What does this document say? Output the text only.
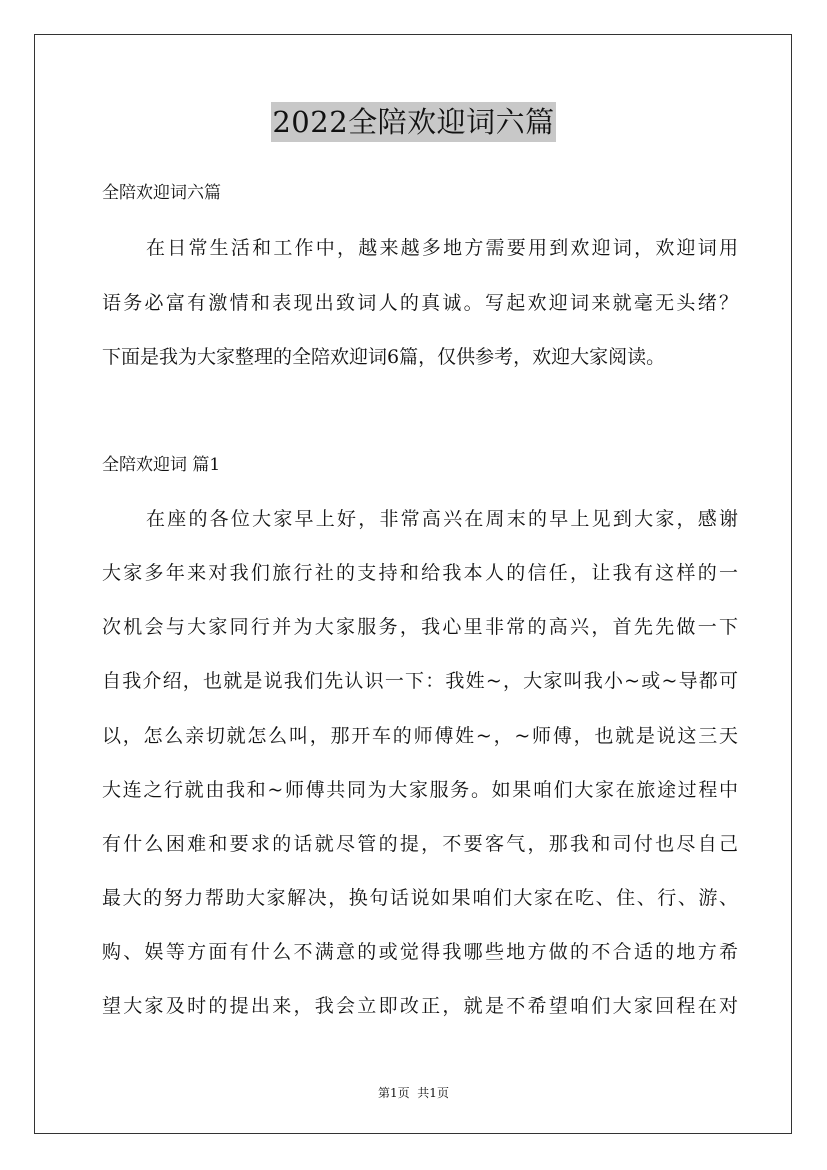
2022全陪欢迎词六篇
全陪欢迎词六篇
在日常生活和工作中，越来越多地方需要用到欢迎词，欢迎词用
语务必富有激情和表现出致词人的真诚。写起欢迎词来就毫无头绪？
下面是我为大家整理的全陪欢迎词6篇，仅供参考，欢迎大家阅读。
全陪欢迎词 篇1
在座的各位大家早上好，非常高兴在周末的早上见到大家，感谢
大家多年来对我们旅行社的支持和给我本人的信任，让我有这样的一
次机会与大家同行并为大家服务，我心里非常的高兴，首先先做一下
自我介绍，也就是说我们先认识一下：我姓~，大家叫我小~或~导都可
以，怎么亲切就怎么叫，那开车的师傅姓~，~师傅，也就是说这三天
大连之行就由我和~师傅共同为大家服务。如果咱们大家在旅途过程中
有什么困难和要求的话就尽管的提，不要客气，那我和司付也尽自己
最大的努力帮助大家解决，换句话说如果咱们大家在吃、住、行、游、
购、娱等方面有什么不满意的或觉得我哪些地方做的不合适的地方希
望大家及时的提出来，我会立即改正，就是不希望咱们大家回程在对
第1页  共1页
